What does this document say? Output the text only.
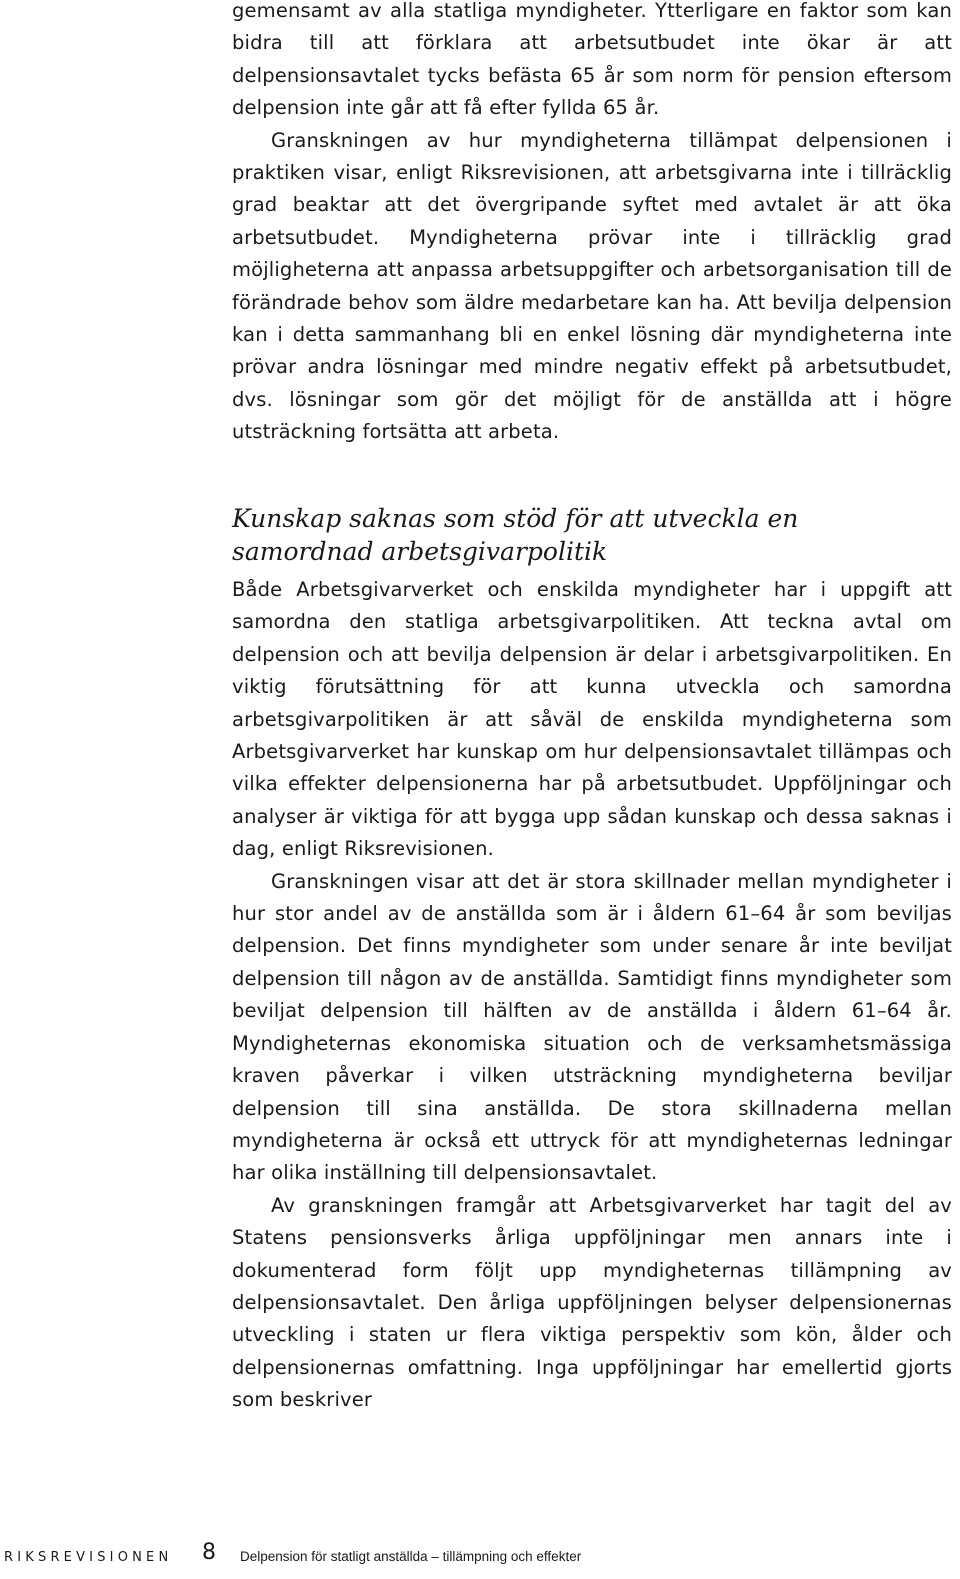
gemensamt av alla statliga myndigheter. Ytterligare en faktor som kan bidra till att förklara att arbetsutbudet inte ökar är att delpensionsavtalet tycks befästa 65 år som norm för pension eftersom delpension inte går att få efter fyllda 65 år.

Granskningen av hur myndigheterna tillämpat delpensionen i praktiken visar, enligt Riksrevisionen, att arbetsgivarna inte i tillräcklig grad beaktar att det övergripande syftet med avtalet är att öka arbetsutbudet. Myndigheterna prövar inte i tillräcklig grad möjligheterna att anpassa arbetsuppgifter och arbetsorganisation till de förändrade behov som äldre medarbetare kan ha. Att bevilja delpension kan i detta sammanhang bli en enkel lösning där myndigheterna inte prövar andra lösningar med mindre negativ effekt på arbetsutbudet, dvs. lösningar som gör det möjligt för de anställda att i högre utsträckning fortsätta att arbeta.

Kunskap saknas som stöd för att utveckla en samordnad arbetsgivarpolitik

Både Arbetsgivarverket och enskilda myndigheter har i uppgift att samordna den statliga arbetsgivarpolitiken. Att teckna avtal om delpension och att bevilja delpension är delar i arbetsgivarpolitiken. En viktig förutsättning för att kunna utveckla och samordna arbetsgivarpolitiken är att såväl de enskilda myndigheterna som Arbetsgivarverket har kunskap om hur delpensionsavtalet tillämpas och vilka effekter delpensionerna har på arbetsutbudet. Uppföljningar och analyser är viktiga för att bygga upp sådan kunskap och dessa saknas i dag, enligt Riksrevisionen.

Granskningen visar att det är stora skillnader mellan myndigheter i hur stor andel av de anställda som är i åldern 61–64 år som beviljas delpension. Det finns myndigheter som under senare år inte beviljat delpension till någon av de anställda. Samtidigt finns myndigheter som beviljat delpension till hälften av de anställda i åldern 61–64 år. Myndigheternas ekonomiska situation och de verksamhetsmässiga kraven påverkar i vilken utsträckning myndigheterna beviljar delpension till sina anställda. De stora skillnaderna mellan myndigheterna är också ett uttryck för att myndigheternas ledningar har olika inställning till delpensionsavtalet.

Av granskningen framgår att Arbetsgivarverket har tagit del av Statens pensionsverks årliga uppföljningar men annars inte i dokumenterad form följt upp myndigheternas tillämpning av delpensionsavtalet. Den årliga uppföljningen belyser delpensionernas utveckling i staten ur flera viktiga perspektiv som kön, ålder och delpensionernas omfattning. Inga uppföljningar har emellertid gjorts som beskriver

RIKSREVISIONEN 8 Delpension för statligt anställda – tillämpning och effekter
